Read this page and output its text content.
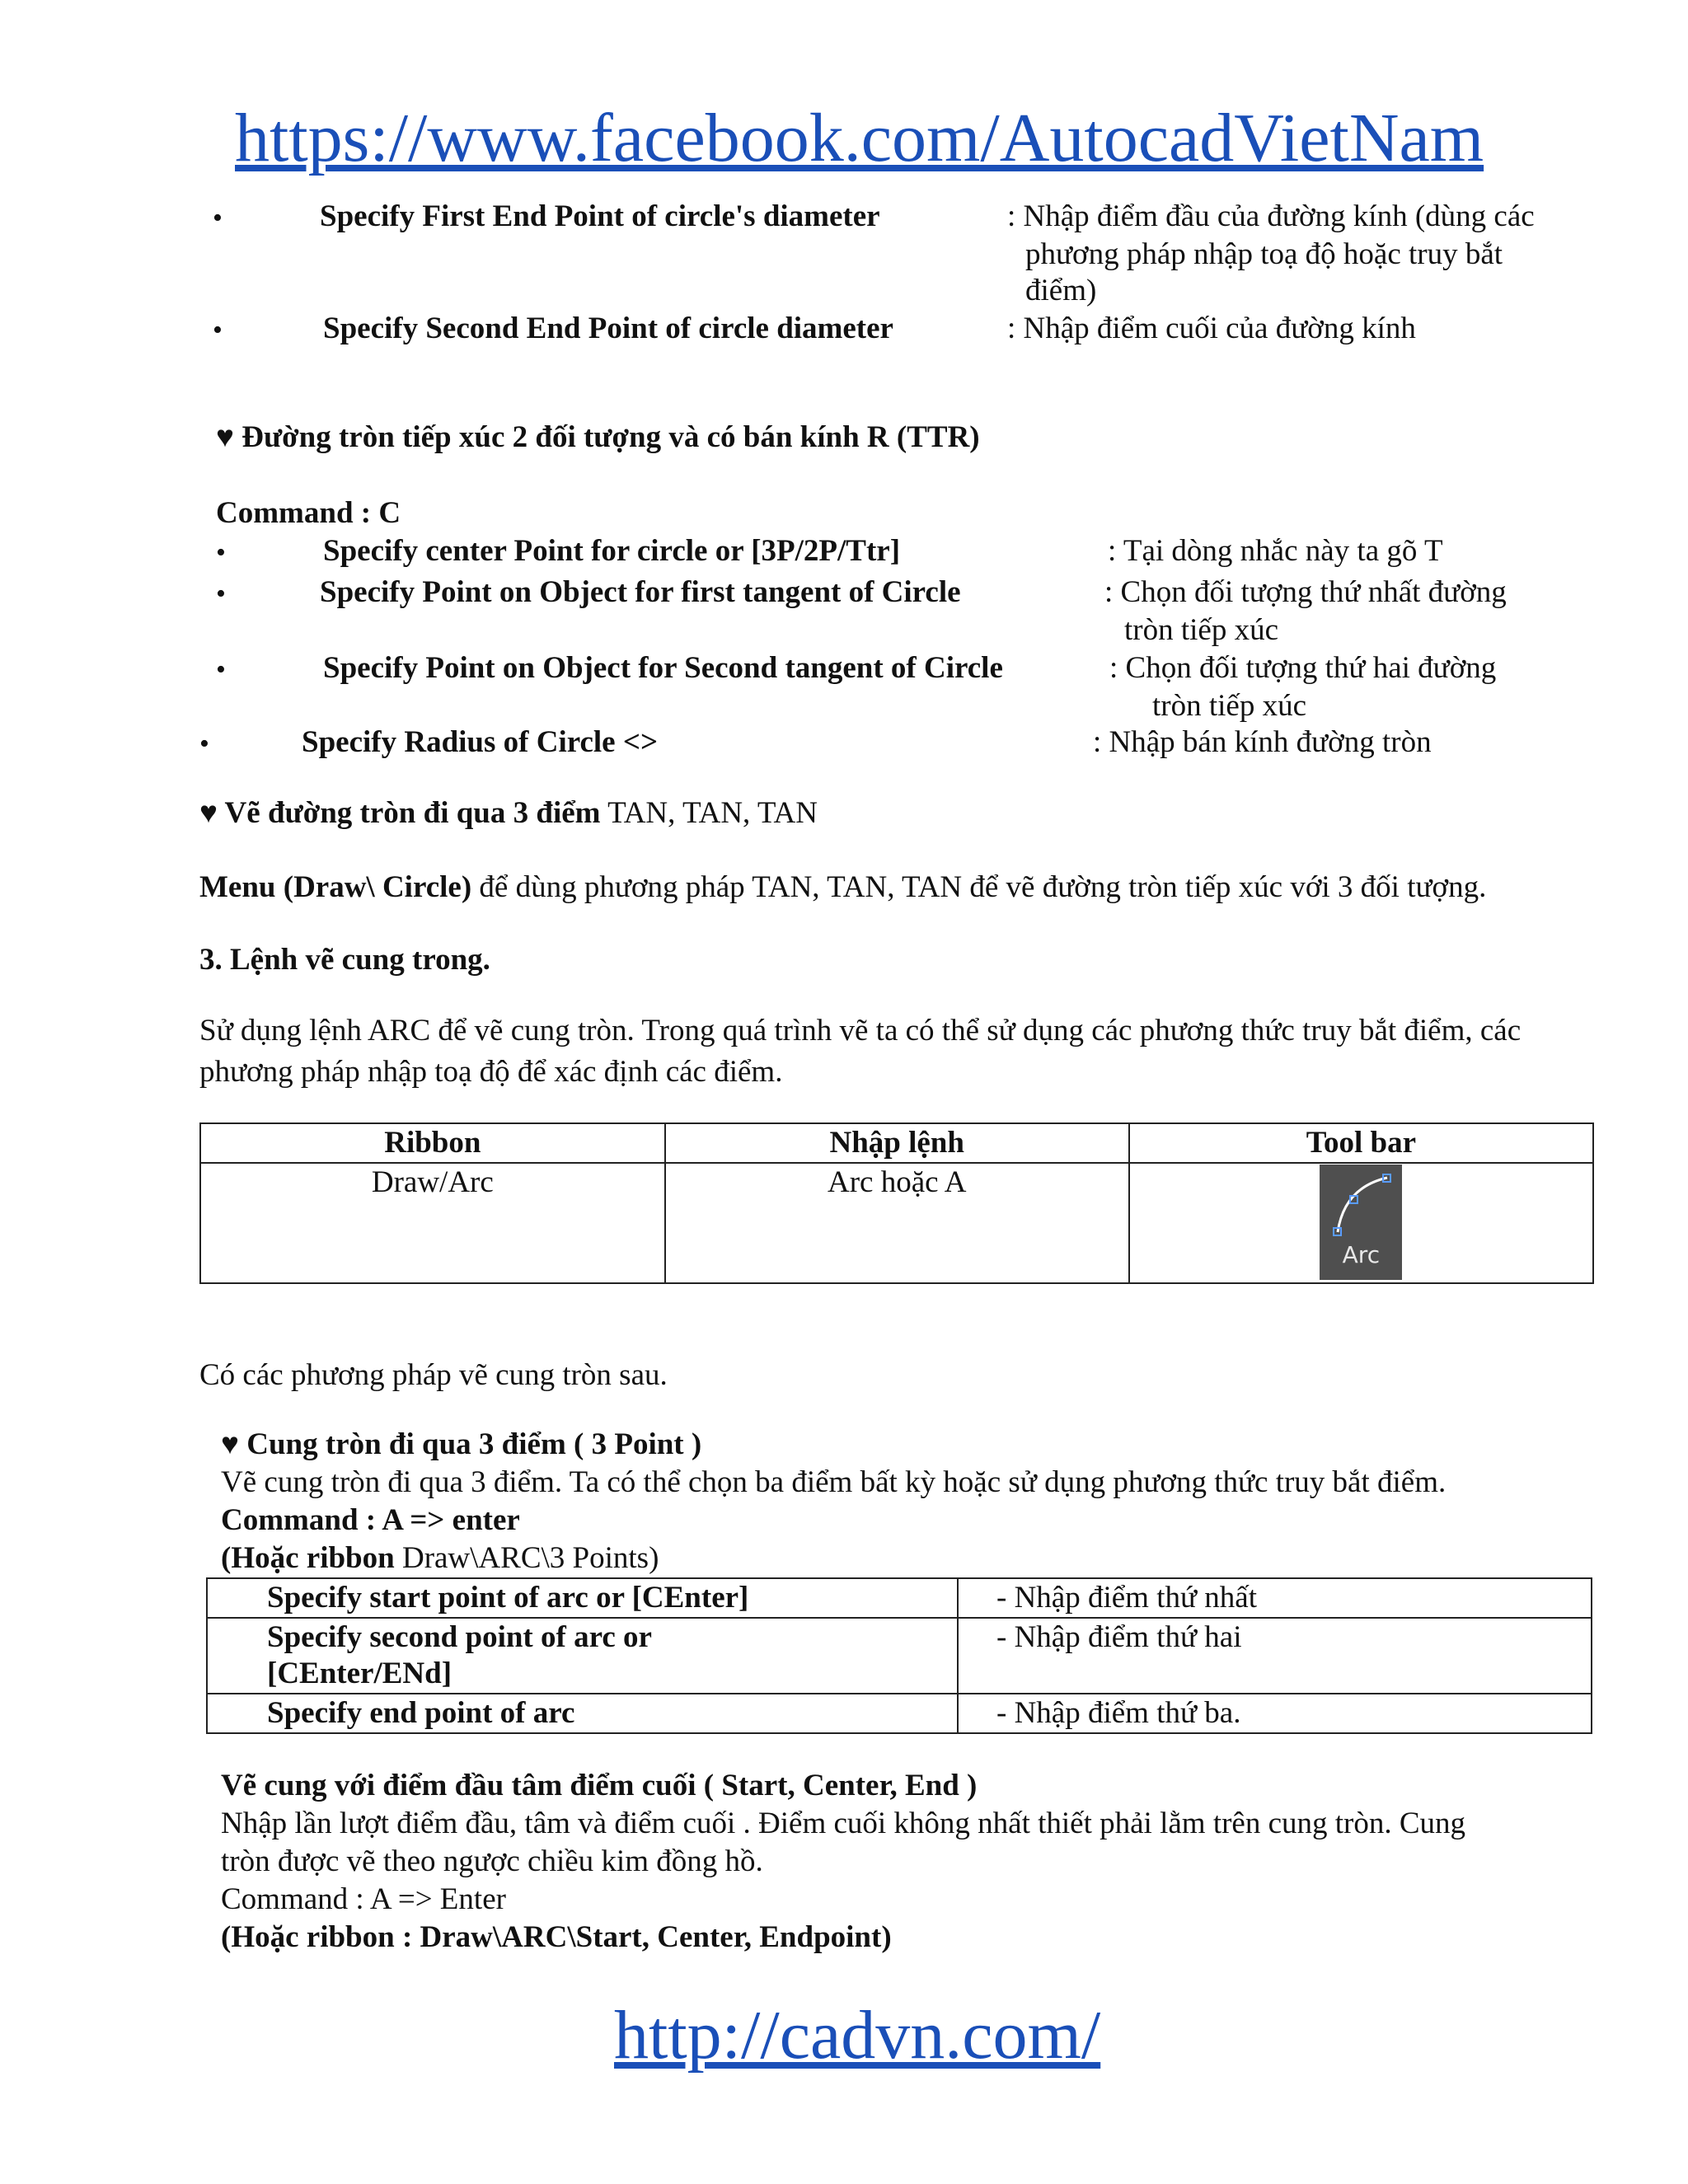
https://www.facebook.com/AutocadVietNam
•	Specify First End Point of circle's diameter	: Nhập điểm đầu của đường kính (dùng các
phương pháp nhập toạ độ hoặc truy bắt
điểm)
•	Specify Second End Point of circle diameter	: Nhập điểm cuối của đường kính
♥ Đường tròn tiếp xúc 2 đối tượng và có bán kính R (TTR)
Command : C
•	Specify center Point for circle or [3P/2P/Ttr]	: Tại dòng nhắc này ta gõ T
•	Specify Point on Object for first tangent of Circle	: Chọn đối tượng thứ nhất đường
tròn tiếp xúc
•	Specify Point on Object for Second tangent of Circle	: Chọn đối tượng thứ hai đường
tròn tiếp xúc
•	Specify Radius of Circle <>	: Nhập bán kính đường tròn
♥ Vẽ đường tròn đi qua 3 điểm TAN, TAN, TAN
Menu (Draw\ Circle) để dùng phương pháp TAN, TAN, TAN để vẽ đường tròn tiếp xúc với 3 đối tượng.
3. Lệnh vẽ cung trong.
Sử dụng lệnh ARC để vẽ cung tròn. Trong quá trình vẽ ta có thể sử dụng các phương thức truy bắt điểm, các
phương pháp nhập toạ độ để xác định các điểm.
Ribbon	Nhập lệnh	Tool bar
Draw/Arc	Arc hoặc A	Arc
Có các phương pháp vẽ cung tròn sau.
♥ Cung tròn đi qua 3 điểm ( 3 Point )
Vẽ cung tròn đi qua 3 điểm. Ta có thể chọn ba điểm bất kỳ hoặc sử dụng phương thức truy bắt điểm.
Command : A => enter
(Hoặc ribbon Draw\ARC\3 Points)
Specify start point of arc or [CEnter]	- Nhập điểm thứ nhất

Specify second point of arc or
[CEnter/ENd]	- Nhập điểm thứ hai
Specify end point of arc	- Nhập điểm thứ ba.
Vẽ cung với điểm đầu tâm điểm cuối ( Start, Center, End )
Nhập lần lượt điểm đầu, tâm và điểm cuối . Điểm cuối không nhất thiết phải lằm trên cung tròn. Cung
tròn được vẽ theo ngược chiều kim đồng hồ.
Command : A => Enter
(Hoặc ribbon : Draw\ARC\Start, Center, Endpoint)
http://cadvn.com/
